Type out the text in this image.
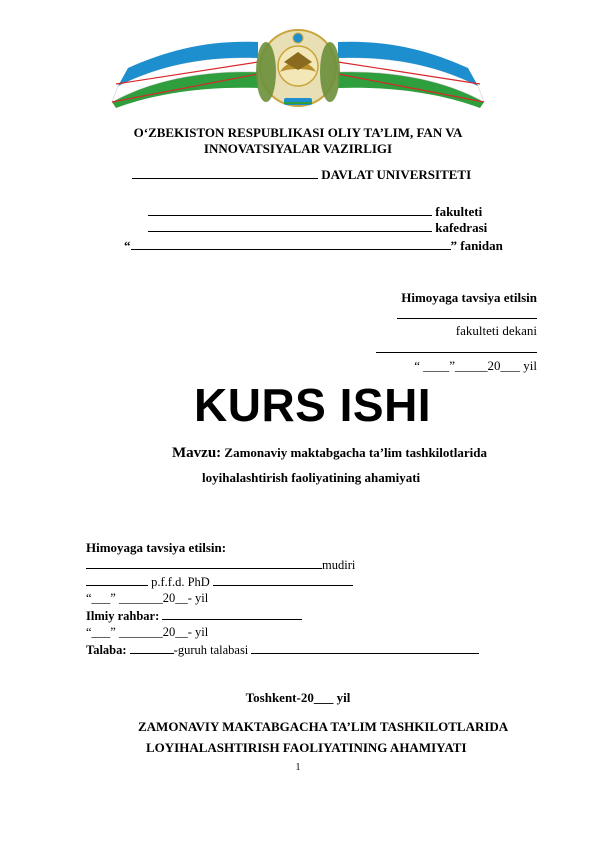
O‘ZBEKISTON RESPUBLIKASI OLIY TA’LIM, FAN VA
INNOVATSIYALAR VAZIRLIGI
DAVLAT UNIVERSITETI
fakulteti
kafedrasi
“	” fanidan
Himoyaga tavsiya etilsin
fakulteti dekani
“ ____”_____20___ yil
KURS ISHI
Mavzu: Zamonaviy maktabgacha ta’lim tashkilotlarida
loyihalashtirish faoliyatining ahamiyati
Himoyaga tavsiya etilsin:
mudiri
p.f.f.d. PhD
“___” _______20__- yil
Ilmiy rahbar:
“___” _______20__- yil
Talaba:	-guruh talabasi
Toshkent-20___ yil
ZAMONAVIY MAKTABGACHA TA’LIM TASHKILOTLARIDA
LOYIHALASHTIRISH FAOLIYATINING AHAMIYATI
1
